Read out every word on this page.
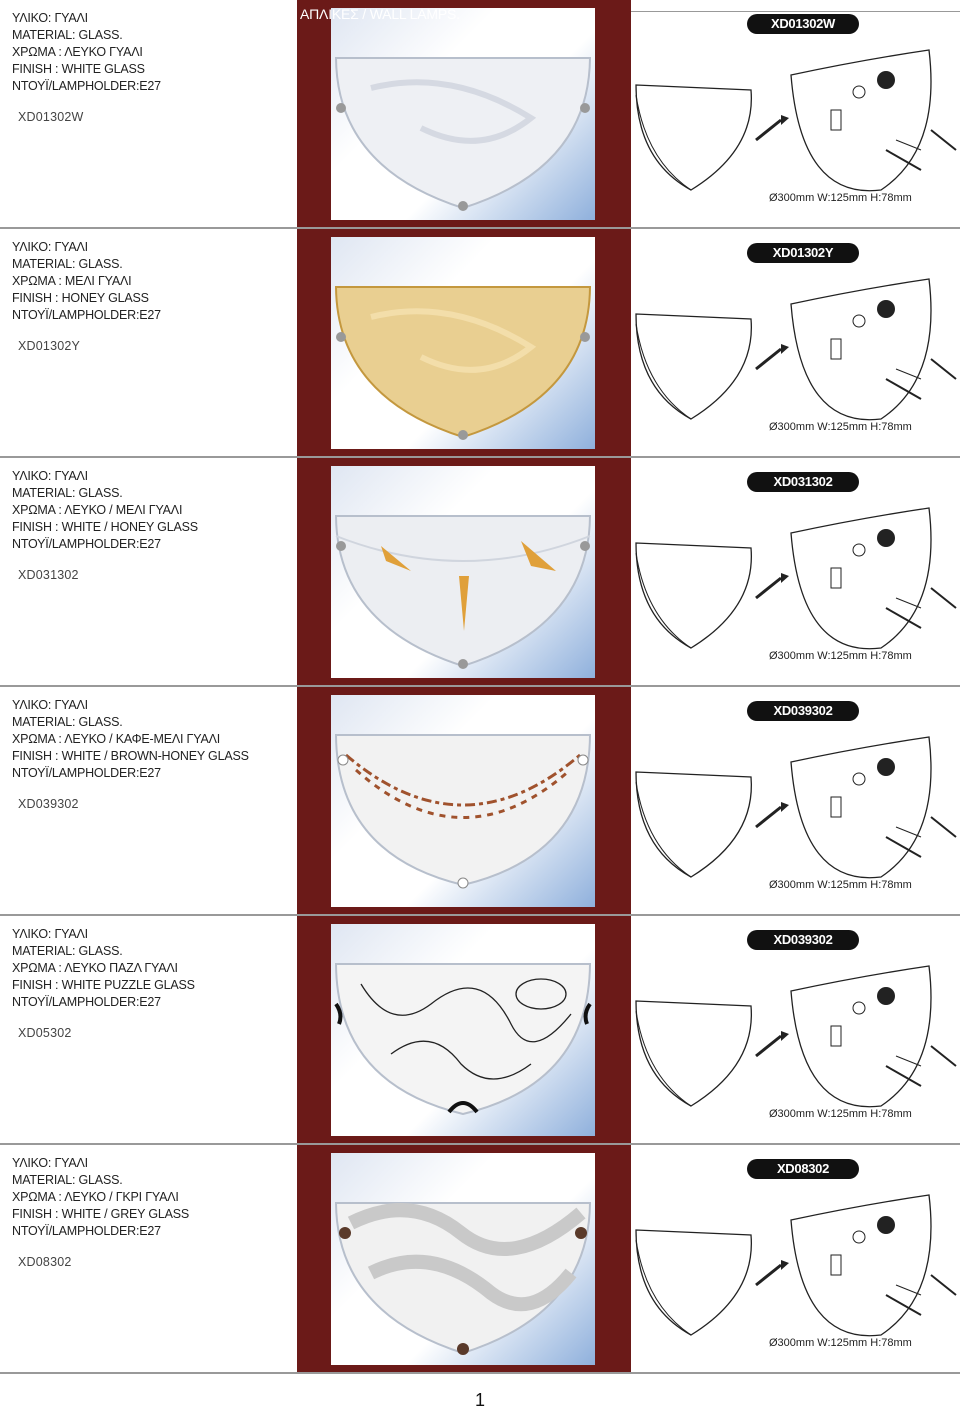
ΑΠΛΙΚΕΣ / WALL LAMPS.
ΥΛΙΚΟ: ΓΥΑΛΙ
MATERIAL: GLASS.
ΧΡΩΜΑ : ΛΕΥΚΟ ΓΥΑΛΙ
FINISH : WHITE GLASS
ΝΤΟΥΪ/LAMPHOLDER:E27
XD01302W
XD01302W
Ø300mm W:125mm H:78mm
ΥΛΙΚΟ: ΓΥΑΛΙ
MATERIAL: GLASS.
ΧΡΩΜΑ : ΜΕΛΙ ΓΥΑΛΙ
FINISH : HONEY GLASS
ΝΤΟΥΪ/LAMPHOLDER:E27
XD01302Y
XD01302Y
Ø300mm W:125mm H:78mm
ΥΛΙΚΟ: ΓΥΑΛΙ
MATERIAL: GLASS.
ΧΡΩΜΑ : ΛΕΥΚΟ / ΜΕΛΙ ΓΥΑΛΙ
FINISH : WHITE / HONEY GLASS
ΝΤΟΥΪ/LAMPHOLDER:E27
XD031302
XD031302
Ø300mm W:125mm H:78mm
ΥΛΙΚΟ: ΓΥΑΛΙ
MATERIAL: GLASS.
ΧΡΩΜΑ : ΛΕΥΚΟ / ΚΑΦΕ-ΜΕΛΙ ΓΥΑΛΙ
FINISH : WHITE / BROWN-HONEY GLASS
ΝΤΟΥΪ/LAMPHOLDER:E27
XD039302
XD039302
Ø300mm W:125mm H:78mm
ΥΛΙΚΟ: ΓΥΑΛΙ
MATERIAL: GLASS.
ΧΡΩΜΑ : ΛΕΥΚΟ ΠΑΖΛ ΓΥΑΛΙ
FINISH : WHITE PUZZLE GLASS
ΝΤΟΥΪ/LAMPHOLDER:E27
XD05302
XD039302
Ø300mm W:125mm H:78mm
ΥΛΙΚΟ: ΓΥΑΛΙ
MATERIAL: GLASS.
ΧΡΩΜΑ : ΛΕΥΚΟ / ΓΚΡΙ ΓΥΑΛΙ
FINISH : WHITE / GREY GLASS
ΝΤΟΥΪ/LAMPHOLDER:E27
XD08302
XD08302
Ø300mm W:125mm H:78mm
1
